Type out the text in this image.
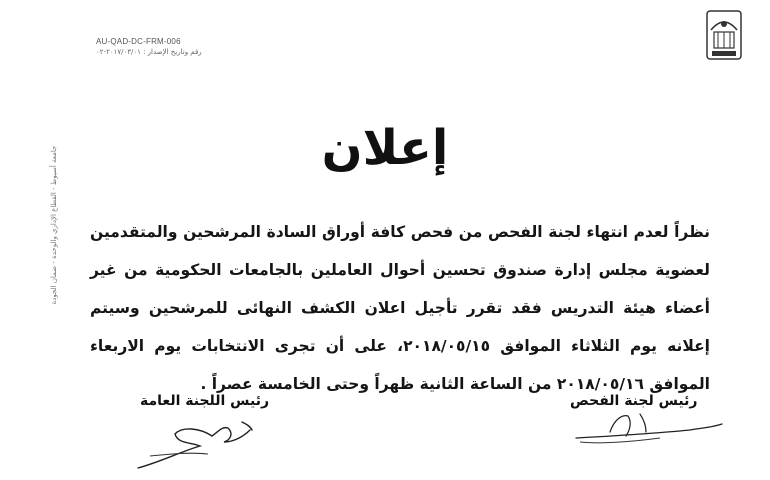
AU-QAD-DC-FRM-006
رقم وتاريخ الإصدار : ٢٠١٧/٠٣/٠١-٠٢
جامعة أسيوط - القطاع الإداري والوحدة - ضمان الجودة	إعلان
نظراً لعدم انتهاء لجنة الفحص من فحص كافة أوراق السادة المرشحين والمتقدمين لعضوية مجلس إدارة صندوق تحسين أحوال العاملين بالجامعات الحكومية من غير أعضاء هيئة التدريس فقد تقرر تأجيل اعلان الكشف النهائى للمرشحين وسيتم إعلانه يوم الثلاثاء الموافق ٢٠١٨/٠٥/١٥، على أن تجرى الانتخابات يوم الاربعاء الموافق ٢٠١٨/٠٥/١٦ من الساعة الثانية ظهراً وحتى الخامسة عصراً .
رئيس اللجنة العامة	رئيس لجنة الفحص
